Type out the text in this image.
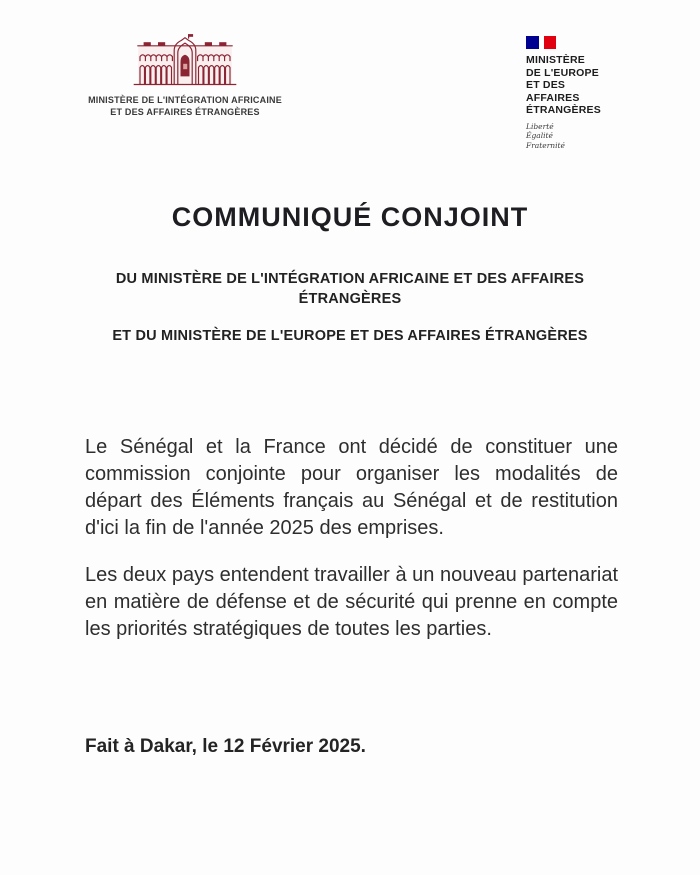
MINISTÈRE DE L'INTÉGRATION AFRICAINE
ET DES AFFAIRES ÉTRANGÈRES
MINISTÈRE
DE L'EUROPE
ET DES AFFAIRES
ÉTRANGÈRES
Liberté
Égalité
Fraternité
COMMUNIQUÉ CONJOINT
DU MINISTÈRE DE L'INTÉGRATION AFRICAINE ET DES AFFAIRES ÉTRANGÈRES
ET DU MINISTÈRE DE L'EUROPE ET DES AFFAIRES ÉTRANGÈRES

Le Sénégal et la France ont décidé de constituer une commission conjointe pour organiser les modalités de départ des Éléments français au Sénégal et de restitution d'ici la fin de l'année 2025 des emprises.

Les deux pays entendent travailler à un nouveau partenariat en matière de défense et de sécurité qui prenne en compte les priorités stratégiques de toutes les parties.

Fait à Dakar, le 12 Février 2025.
